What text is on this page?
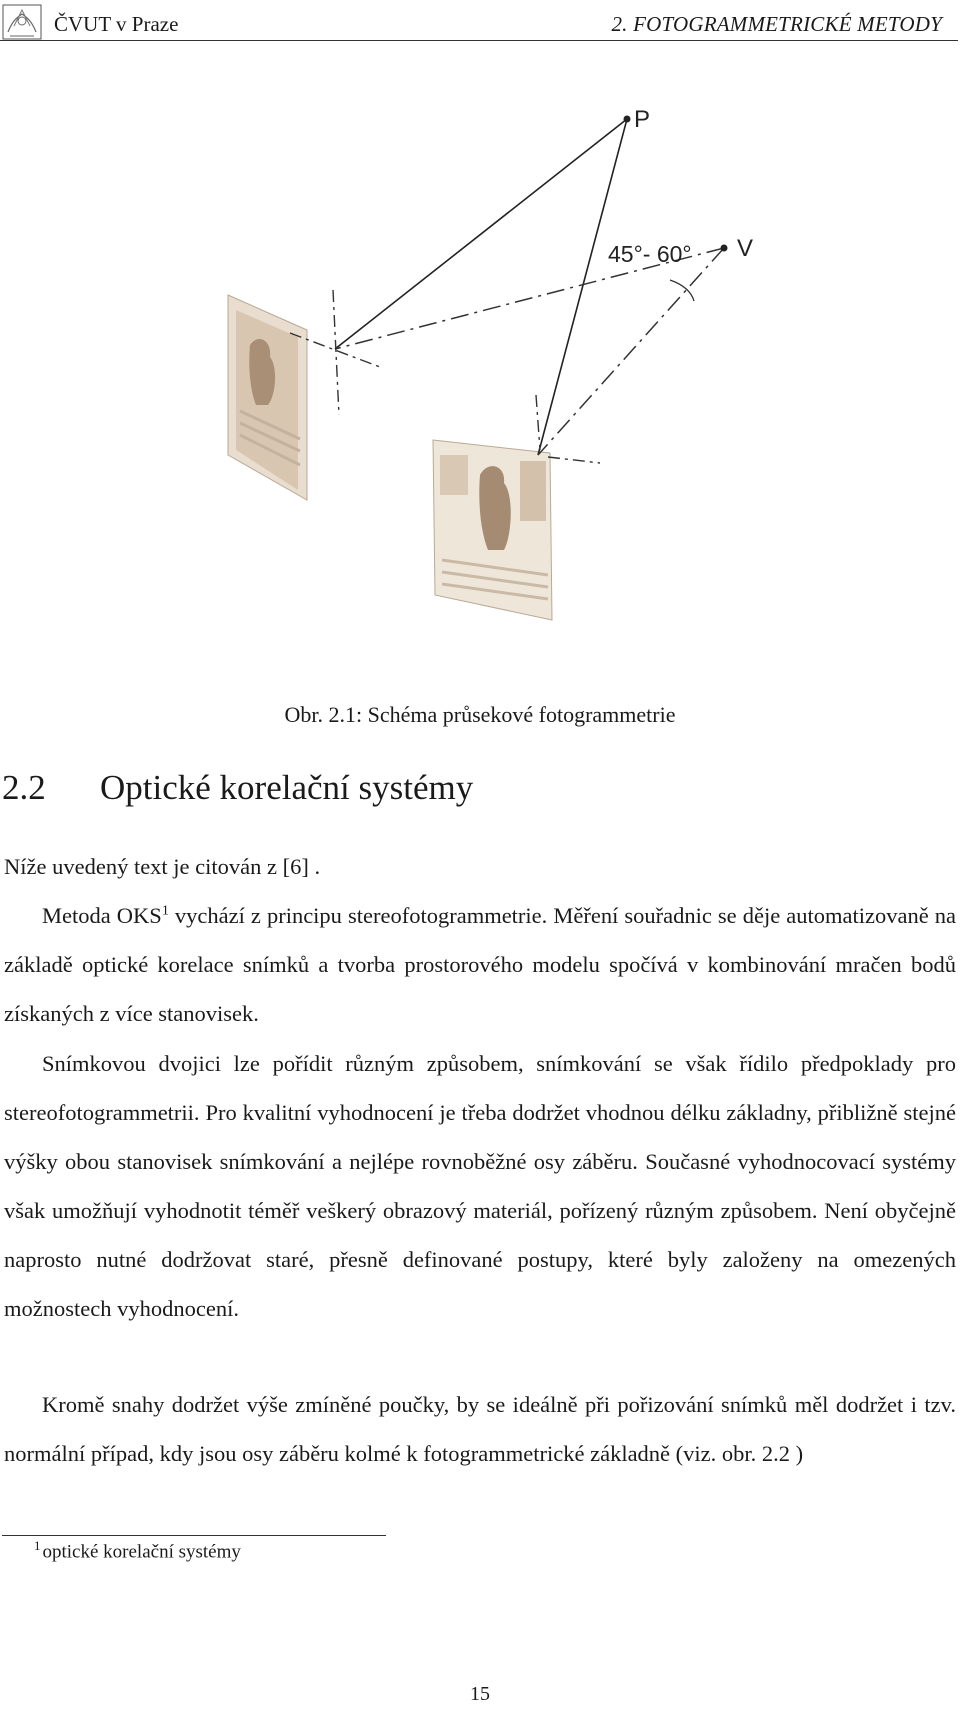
ČVUT v Praze	2. FOTOGRAMMETRICKÉ METODY
P
V
45°- 60°
Obr. 2.1: Schéma průsekové fotogrammetrie
2.2 Optické korelační systémy
Níže uvedený text je citován z [6] .
Metoda OKS$^1$ vychází z principu stereofotogrammetrie. Měření souřadnic se děje automatizovaně na základě optické korelace snímků a tvorba prostorového modelu spočívá v kombinování mračen bodů získaných z více stanovisek.
Snímkovou dvojici lze pořídit různým způsobem, snímkování se však řídilo předpoklady pro stereofotogrammetrii. Pro kvalitní vyhodnocení je třeba dodržet vhodnou délku základny, přibližně stejné výšky obou stanovisek snímkování a nejlépe rovnoběžné osy záběru. Současné vyhodnocovací systémy však umožňují vyhodnotit téměř veškerý obrazový materiál, pořízený různým způsobem. Není obyčejně naprosto nutné dodržovat staré, přesně definované postupy, které byly založeny na omezených možnostech vyhodnocení.
Kromě snahy dodržet výše zmíněné poučky, by se ideálně při pořizování snímků měl dodržet i tzv. normální případ, kdy jsou osy záběru kolmé k fotogrammetrické základně (viz. obr. 2.2 )
$^1$ optické korelační systémy
15
